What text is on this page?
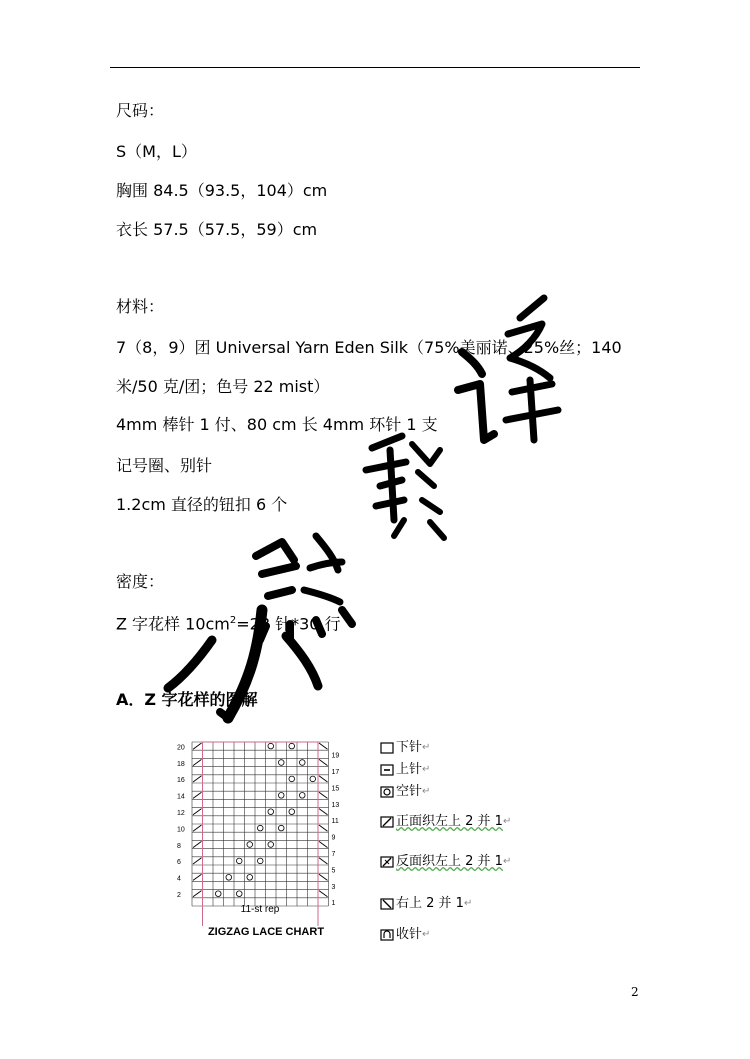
尺码：
S（M，L）
胸围 84.5（93.5，104）cm
衣长 57.5（57.5，59）cm
材料：
7（8，9）团 Universal Yarn Eden Silk（75%美丽诺、25%丝；140
米/50 克/团；色号 22 mist）
4mm 棒针 1 付、80 cm 长 4mm 环针 1 支
记号圈、别针
1.2cm 直径的钮扣 6 个
密度：
Z 字花样 $10cm^2=28$ 针*30 行
A．Z 字花样的图解
20
18
16
14
12
10
8
6
4
2
19
17
15
13
11
9
7
5
3
1
11-st rep
ZIGZAG LACE CHART
下针↵
上针↵
空针↵
正面织左上 2 并 1↵
反面织左上 2 并 1↵
右上 2 并 1↵
收针↵
2
